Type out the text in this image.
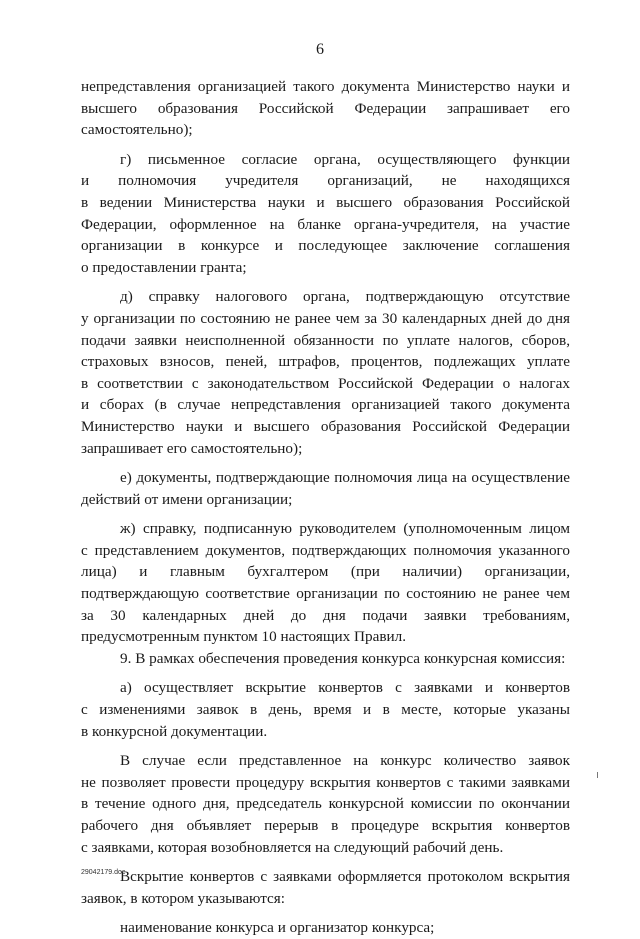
6
непредставления организацией такого документа Министерство науки и
высшего образования Российской Федерации запрашивает его
самостоятельно);
г) письменное согласие органа, осуществляющего функции
и полномочия учредителя организаций, не находящихся
в ведении Министерства науки и высшего образования Российской
Федерации, оформленное на бланке органа-учредителя, на участие
организации в конкурсе и последующее заключение соглашения
о предоставлении гранта;
д) справку налогового органа, подтверждающую отсутствие
у организации по состоянию не ранее чем за 30 календарных дней до дня
подачи заявки неисполненной обязанности по уплате налогов, сборов,
страховых взносов, пеней, штрафов, процентов, подлежащих уплате
в соответствии с законодательством Российской Федерации о налогах
и сборах (в случае непредставления организацией такого документа
Министерство науки и высшего образования Российской Федерации
запрашивает его самостоятельно);
е) документы, подтверждающие полномочия лица на осуществление
действий от имени организации;
ж) справку, подписанную руководителем (уполномоченным лицом
с представлением документов, подтверждающих полномочия указанного
лица) и главным бухгалтером (при наличии) организации,
подтверждающую соответствие организации по состоянию не ранее чем
за 30 календарных дней до дня подачи заявки требованиям,
предусмотренным пунктом 10 настоящих Правил.
9. В рамках обеспечения проведения конкурса конкурсная комиссия:
а) осуществляет вскрытие конвертов с заявками и конвертов
с изменениями заявок в день, время и в месте, которые указаны
в конкурсной документации.
В случае если представленное на конкурс количество заявок
не позволяет провести процедуру вскрытия конвертов с такими заявками
в течение одного дня, председатель конкурсной комиссии по окончании
рабочего дня объявляет перерыв в процедуре вскрытия конвертов
с заявками, которая возобновляется на следующий рабочий день.
Вскрытие конвертов с заявками оформляется протоколом вскрытия
заявок, в котором указываются:
наименование конкурса и организатор конкурса;
29042179.doc
